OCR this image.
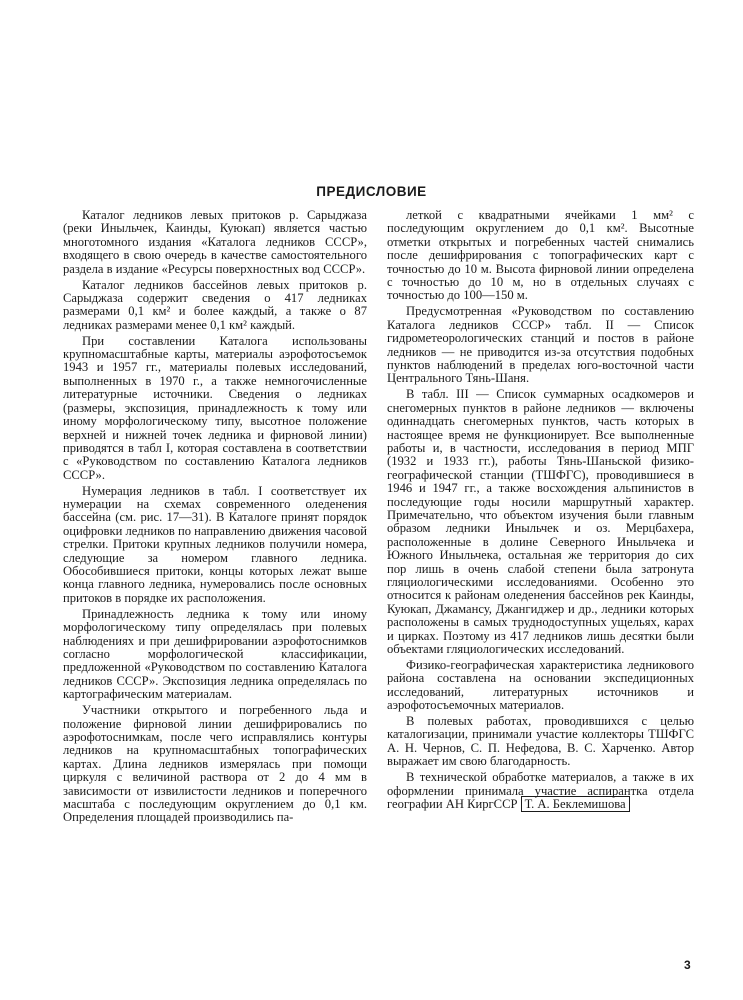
ПРЕДИСЛОВИЕ

Каталог ледников левых притоков р. Сарыджаза (реки Иныльчек, Каинды, Куюкап) является частью многотомного издания «Каталога ледников СССР», входящего в свою очередь в качестве самостоятельного раздела в издание «Ресурсы поверхностных вод СССР».

Каталог ледников бассейнов левых притоков р. Сарыджаза содержит сведения о 417 ледниках размерами 0,1 км² и более каждый, а также о 87 ледниках размерами менее 0,1 км² каждый.

При составлении Каталога использованы крупномасштабные карты, материалы аэрофотосъемок 1943 и 1957 гг., материалы полевых исследований, выполненных в 1970 г., а также немногочисленные литературные источники. Сведения о ледниках (размеры, экспозиция, принадлежность к тому или иному морфологическому типу, высотное положение верхней и нижней точек ледника и фирновой линии) приводятся в табл I, которая составлена в соответствии с «Руководством по составлению Каталога ледников СССР».

Нумерация ледников в табл. I соответствует их нумерации на схемах современного оледенения бассейна (см. рис. 17—31). В Каталоге принят порядок оцифровки ледников по направлению движения часовой стрелки. Притоки крупных ледников получили номера, следующие за номером главного ледника. Обособившиеся притоки, концы которых лежат выше конца главного ледника, нумеровались после основных притоков в порядке их расположения.

Принадлежность ледника к тому или иному морфологическому типу определялась при полевых наблюдениях и при дешифрировании аэрофотоснимков согласно морфологической классификации, предложенной «Руководством по составлению Каталога ледников СССР». Экспозиция ледника определялась по картографическим материалам.

Участники открытого и погребенного льда и положение фирновой линии дешифрировались по аэрофотоснимкам, после чего исправлялись контуры ледников на крупномасштабных топографических картах. Длина ледников измерялась при помощи циркуля с величиной раствора от 2 до 4 мм в зависимости от извилистости ледников и поперечного масштаба с последующим округлением до 0,1 км. Определения площадей производились па-

леткой с квадратными ячейками 1 мм² с последующим округлением до 0,1 км². Высотные отметки открытых и погребенных частей снимались после дешифрирования с топографических карт с точностью до 10 м. Высота фирновой линии определена с точностью до 10 м, но в отдельных случаях с точностью до 100—150 м.

Предусмотренная «Руководством по составлению Каталога ледников СССР» табл. II — Список гидрометеорологических станций и постов в районе ледников — не приводится из-за отсутствия подобных пунктов наблюдений в пределах юго-восточной части Центрального Тянь-Шаня.

В табл. III — Список суммарных осадкомеров и снегомерных пунктов в районе ледников — включены одиннадцать снегомерных пунктов, часть которых в настоящее время не функционирует. Все выполненные работы и, в частности, исследования в период МПГ (1932 и 1933 гг.), работы Тянь-Шаньской физико-географической станции (ТШФГС), проводившиеся в 1946 и 1947 гг., а также восхождения альпинистов в последующие годы носили маршрутный характер. Примечательно, что объектом изучения были главным образом ледники Иныльчек и оз. Мерцбахера, расположенные в долине Северного Иныльчека и Южного Иныльчека, остальная же территория до сих пор лишь в очень слабой степени была затронута гляциологическими исследованиями. Особенно это относится к районам оледенения бассейнов рек Каинды, Куюкап, Джамансу, Джангиджер и др., ледники которых расположены в самых труднодоступных ущельях, карах и цирках. Поэтому из 417 ледников лишь десятки были объектами гляциологических исследований.

Физико-географическая характеристика ледникового района составлена на основании экспедиционных исследований, литературных источников и аэрофотосъемочных материалов.

В полевых работах, проводившихся с целью каталогизации, принимали участие коллекторы ТШФГС А. Н. Чернов, С. П. Нефедова, В. С. Харченко. Автор выражает им свою благодарность.

В технической обработке материалов, а также в их оформлении принимала участие аспирантка отдела географии АН КиргССР Т. А. Беклемишова

3
